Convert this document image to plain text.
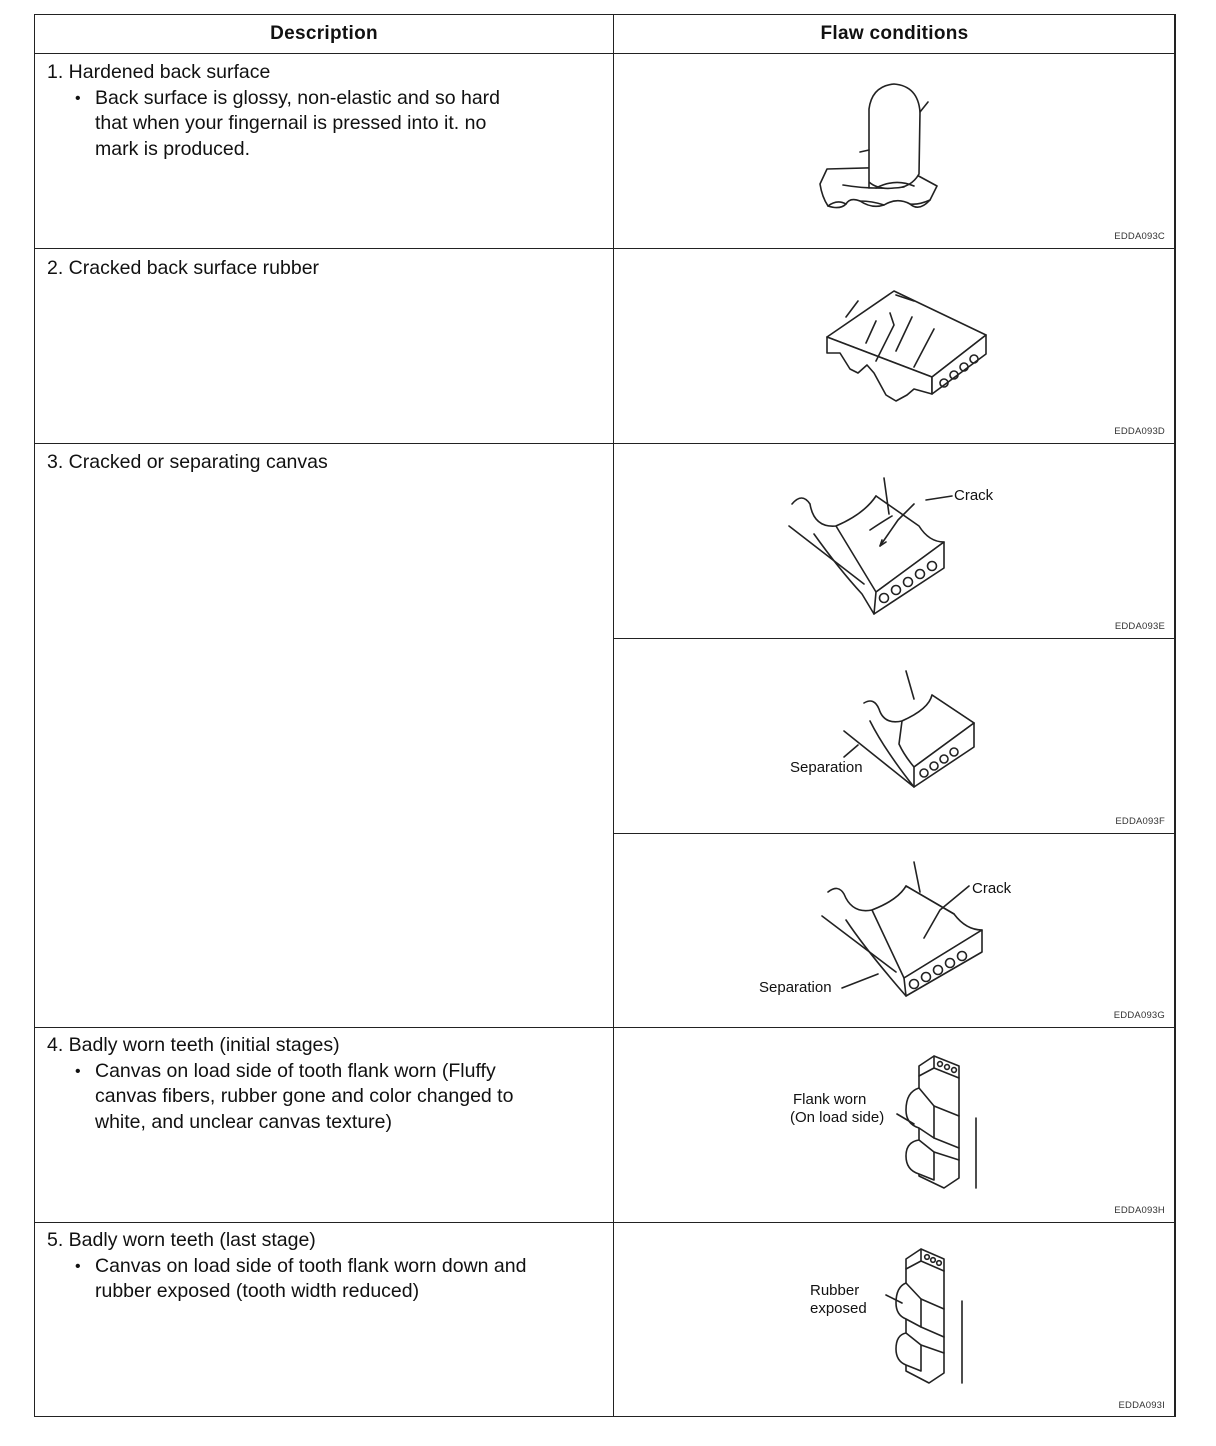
Description	Flaw conditions

1. Hardened back surface

• Back surface is glossy, non-elastic and so hard that when your fingernail is pressed into it. no mark is produced.

2. Cracked back surface rubber

3. Cracked or separating canvas

4. Badly worn teeth (initial stages)

• Canvas on load side of tooth flank worn (Fluffy canvas fibers, rubber gone and color changed to white, and unclear canvas texture)

5. Badly worn teeth (last stage)

• Canvas on load side of tooth flank worn down and rubber exposed (tooth width reduced)
EDDA093C
EDDA093D
Crack
EDDA093E
Separation
EDDA093F
Crack
Separation
EDDA093G
Flank worn
(On load side)
EDDA093H
Rubber
exposed
EDDA093I
